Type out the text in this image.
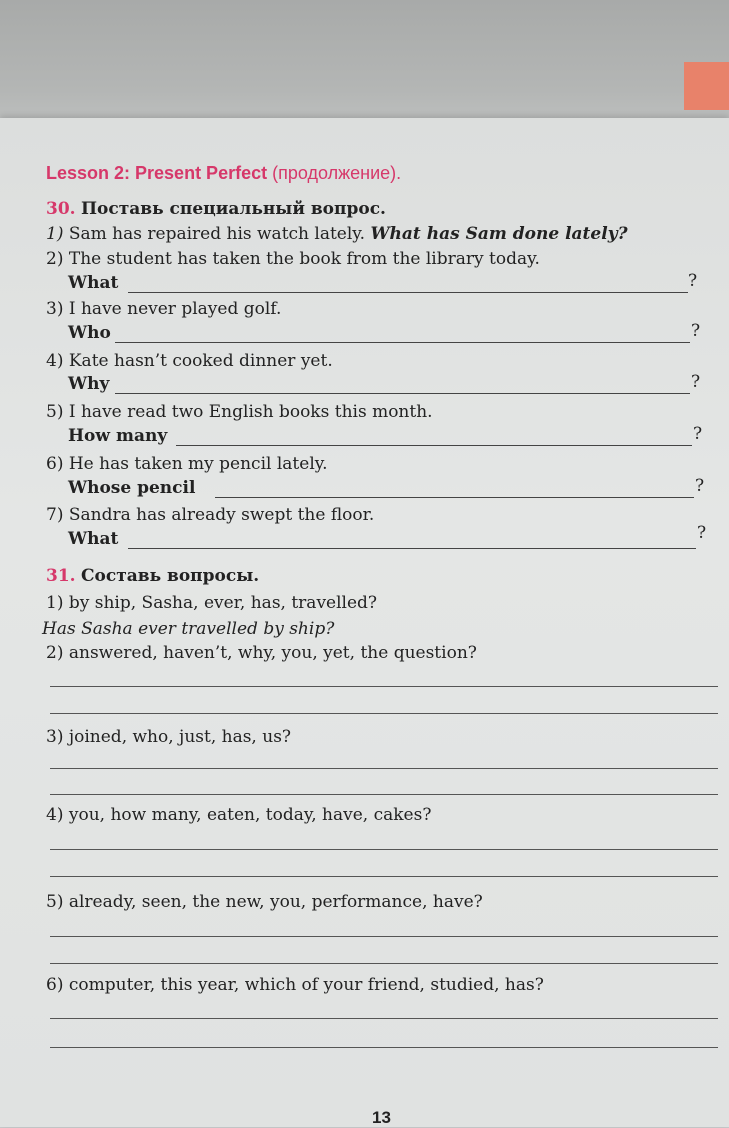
Lesson 2: Present Perfect (продолжение).
30. Поставь специальный вопрос.
1) Sam has repaired his watch lately. What has Sam done lately?
2) The student has taken the book from the library today.
What	?
3) I have never played golf.
Who	?
4) Kate hasn’t cooked dinner yet.
Why	?
5) I have read two English books this month.
How many	?
6) He has taken my pencil lately.
Whose pencil	?
7) Sandra has already swept the floor.
What	?
31. Составь вопросы.
1) by ship, Sasha, ever, has, travelled?
Has Sasha ever travelled by ship?
2) answered, haven’t, why, you, yet, the question?
3) joined, who, just, has, us?
4) you, how many, eaten, today, have, cakes?
5) already, seen, the new, you, performance, have?
6) computer, this year, which of your friend, studied, has?
13
